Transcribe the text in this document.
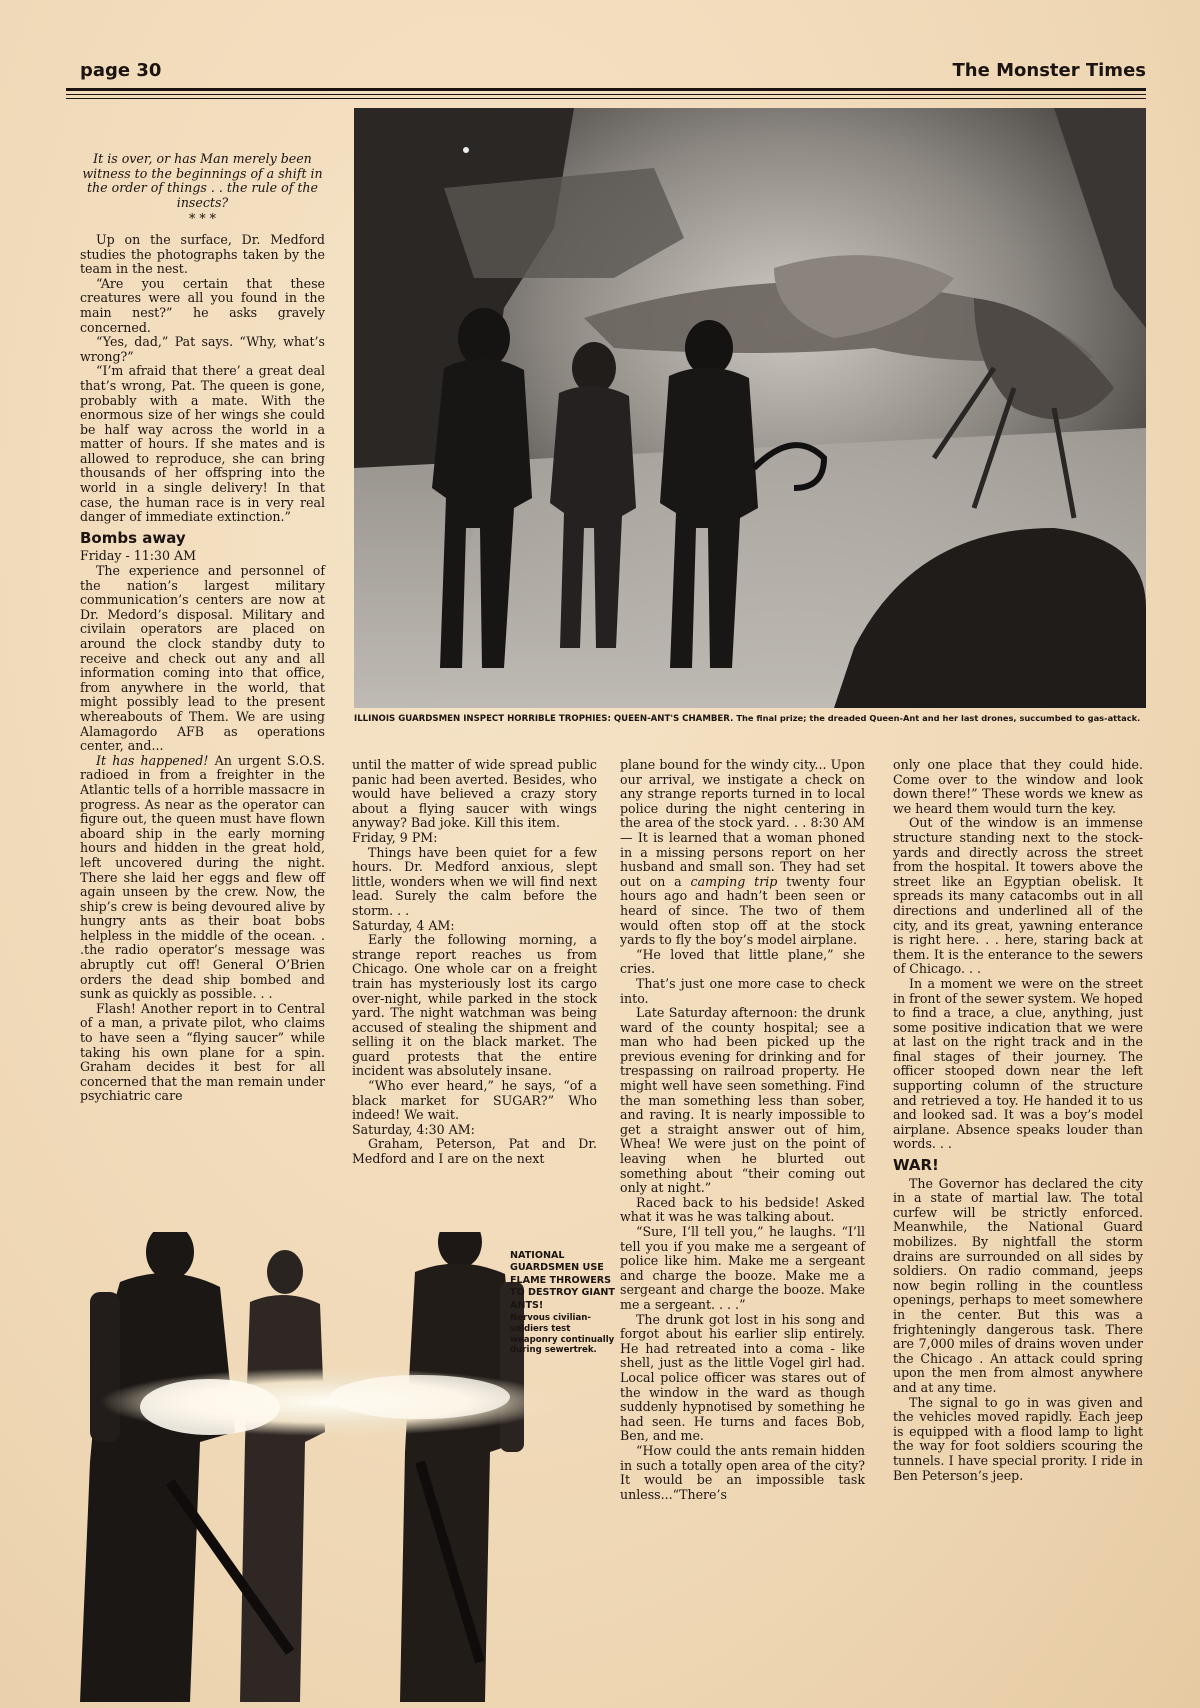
page 30	The Monster Times
ILLINOIS GUARDSMEN INSPECT HORRIBLE TROPHIES: QUEEN-ANT'S CHAMBER. The final prize; the dreaded Queen-Ant and her last drones, succumbed to gas-attack.

It is over, or has Man merely been witness to the beginnings of a shift in the order of things . . the rule of the insects?

* * *

Up on the surface, Dr. Medford studies the photographs taken by the team in the nest.

“Are you certain that these creatures were all you found in the main nest?” he asks gravely concerned.

“Yes, dad,” Pat says. “Why, what’s wrong?”

“I’m afraid that there’ a great deal that’s wrong, Pat. The queen is gone, probably with a mate. With the enormous size of her wings she could be half way across the world in a matter of hours. If she mates and is allowed to reproduce, she can bring thousands of her offspring into the world in a single delivery! In that case, the human race is in very real danger of immediate extinction.”

Bombs away

Friday - 11:30 AM

The experience and personnel of the nation’s largest military communication’s centers are now at Dr. Medord’s disposal. Military and civilain operators are placed on around the clock standby duty to receive and check out any and all information coming into that office, from anywhere in the world, that might possibly lead to the present whereabouts of Them. We are using Alamagordo AFB as operations center, and...

It has happened! An urgent S.O.S. radioed in from a freighter in the Atlantic tells of a horrible massacre in progress. As near as the operator can figure out, the queen must have flown aboard ship in the early morning hours and hidden in the great hold, left uncovered during the night. There she laid her eggs and flew off again unseen by the crew. Now, the ship’s crew is being devoured alive by hungry ants as their boat bobs helpless in the middle of the ocean. . .the radio operator’s message was abruptly cut off! General O’Brien orders the dead ship bombed and sunk as quickly as possible. . .

Flash! Another report in to Central of a man, a private pilot, who claims to have seen a “flying saucer” while taking his own plane for a spin. Graham decides it best for all concerned that the man remain under psychiatric care

until the matter of wide spread public panic had been averted. Besides, who would have believed a crazy story about a flying saucer with wings anyway? Bad joke. Kill this item.

Friday, 9 PM:

Things have been quiet for a few hours. Dr. Medford anxious, slept little, wonders when we will find next lead. Surely the calm before the storm. . .

Saturday, 4 AM:

Early the following morning, a strange report reaches us from Chicago. One whole car on a freight train has mysteriously lost its cargo over-night, while parked in the stock yard. The night watchman was being accused of stealing the shipment and selling it on the black market. The guard protests that the entire incident was absolutely insane.

“Who ever heard,” he says, “of a black market for SUGAR?” Who indeed! We wait.

Saturday, 4:30 AM:

Graham, Peterson, Pat and Dr. Medford and I are on the next

plane bound for the windy city... Upon our arrival, we instigate a check on any strange reports turned in to local police during the night centering in the area of the stock yard. . . 8:30 AM — It is learned that a woman phoned in a missing persons report on her husband and small son. They had set out on a camping trip twenty four hours ago and hadn’t been seen or heard of since. The two of them would often stop off at the stock yards to fly the boy’s model airplane.

“He loved that little plane,” she cries.

That’s just one more case to check into.

Late Saturday afternoon: the drunk ward of the county hospital; see a man who had been picked up the previous evening for drinking and for trespassing on railroad property. He might well have seen something. Find the man something less than sober, and raving. It is nearly impossible to get a straight answer out of him, Whea! We were just on the point of leaving when he blurted out something about “their coming out only at night.”

Raced back to his bedside! Asked what it was he was talking about.

“Sure, I’ll tell you,” he laughs. “I’ll tell you if you make me a sergeant of police like him. Make me a sergeant and charge the booze. Make me a sergeant and charge the booze. Make me a sergeant. . . .”

The drunk got lost in his song and forgot about his earlier slip entirely. He had retreated into a coma - like shell, just as the little Vogel girl had. Local police officer was stares out of the window in the ward as though suddenly hypnotised by something he had seen. He turns and faces Bob, Ben, and me.

“How could the ants remain hidden in such a totally open area of the city? It would be an impossible task unless...“There’s

only one place that they could hide. Come over to the window and look down there!” These words we knew as we heard them would turn the key.

Out of the window is an immense structure standing next to the stock-yards and directly across the street from the hospital. It towers above the street like an Egyptian obelisk. It spreads its many catacombs out in all directions and underlined all of the city, and its great, yawning enterance is right here. . . here, staring back at them. It is the enterance to the sewers of Chicago. . .

In a moment we were on the street in front of the sewer system. We hoped to find a trace, a clue, anything, just some positive indication that we were at last on the right track and in the final stages of their journey. The officer stooped down near the left supporting column of the structure and retrieved a toy. He handed it to us and looked sad. It was a boy’s model airplane. Absence speaks louder than words. . .

WAR!

The Governor has declared the city in a state of martial law. The total curfew will be strictly enforced. Meanwhile, the National Guard mobilizes. By nightfall the storm drains are surrounded on all sides by soldiers. On radio command, jeeps now begin rolling in the countless openings, perhaps to meet somewhere in the center. But this was a frighteningly dangerous task. There are 7,000 miles of drains woven under the Chicago . An attack could spring upon the men from almost anywhere and at any time.

The signal to go in was given and the vehicles moved rapidly. Each jeep is equipped with a flood lamp to light the way for foot soldiers scouring the tunnels. I have special prority. I ride in Ben Peterson’s jeep.

NATIONAL GUARDSMEN USE FLAME THROWERS TO DESTROY GIANT ANTS!
Nervous civilian-soldiers test weaponry continually during sewertrek.
